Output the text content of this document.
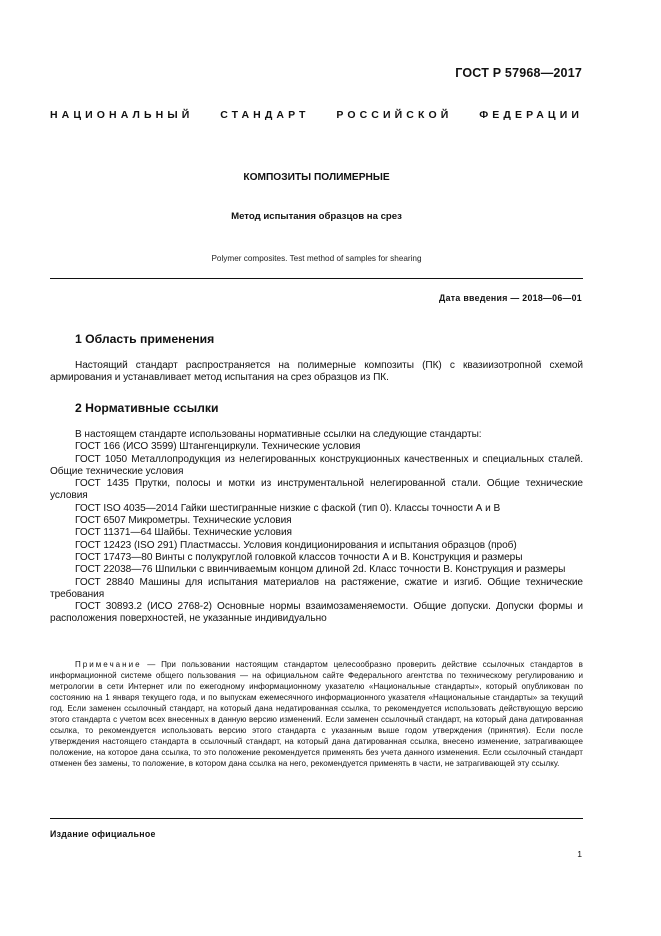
ГОСТ Р 57968—2017
НАЦИОНАЛЬНЫЙ СТАНДАРТ РОССИЙСКОЙ ФЕДЕРАЦИИ
КОМПОЗИТЫ ПОЛИМЕРНЫЕ
Метод испытания образцов на срез
Polymer composites. Test method of samples for shearing
Дата введения — 2018—06—01
1 Область применения

Настоящий стандарт распространяется на полимерные композиты (ПК) с квазиизотропной схемой армирования и устанавливает метод испытания на срез образцов из ПК.

2 Нормативные ссылки

В настоящем стандарте использованы нормативные ссылки на следующие стандарты:

ГОСТ 166 (ИСО 3599) Штангенциркули. Технические условия

ГОСТ 1050 Металлопродукция из нелегированных конструкционных качественных и специальных сталей. Общие технические условия

ГОСТ 1435 Прутки, полосы и мотки из инструментальной нелегированной стали. Общие технические условия

ГОСТ ISO 4035—2014 Гайки шестигранные низкие с фаской (тип 0). Классы точности А и В

ГОСТ 6507 Микрометры. Технические условия

ГОСТ 11371—64 Шайбы. Технические условия

ГОСТ 12423 (ISO 291) Пластмассы. Условия кондиционирования и испытания образцов (проб)

ГОСТ 17473—80 Винты с полукруглой головкой классов точности А и В. Конструкция и размеры

ГОСТ 22038—76 Шпильки с ввинчиваемым концом длиной 2d. Класс точности В. Конструкция и размеры

ГОСТ 28840 Машины для испытания материалов на растяжение, сжатие и изгиб. Общие технические требования

ГОСТ 30893.2 (ИСО 2768-2) Основные нормы взаимозаменяемости. Общие допуски. Допуски формы и расположения поверхностей, не указанные индивидуально

Примечание — При пользовании настоящим стандартом целесообразно проверить действие ссылочных стандартов в информационной системе общего пользования — на официальном сайте Федерального агентства по техническому регулированию и метрологии в сети Интернет или по ежегодному информационному указателю «Национальные стандарты», который опубликован по состоянию на 1 января текущего года, и по выпускам ежемесячного информационного указателя «Национальные стандарты» за текущий год. Если заменен ссылочный стандарт, на который дана недатированная ссылка, то рекомендуется использовать действующую версию этого стандарта с учетом всех внесенных в данную версию изменений. Если заменен ссылочный стандарт, на который дана датированная ссылка, то рекомендуется использовать версию этого стандарта с указанным выше годом утверждения (принятия). Если после утверждения настоящего стандарта в ссылочный стандарт, на который дана датированная ссылка, внесено изменение, затрагивающее положение, на которое дана ссылка, то это положение рекомендуется применять без учета данного изменения. Если ссылочный стандарт отменен без замены, то положение, в котором дана ссылка на него, рекомендуется применять в части, не затрагивающей эту ссылку.
Издание официальное
1
